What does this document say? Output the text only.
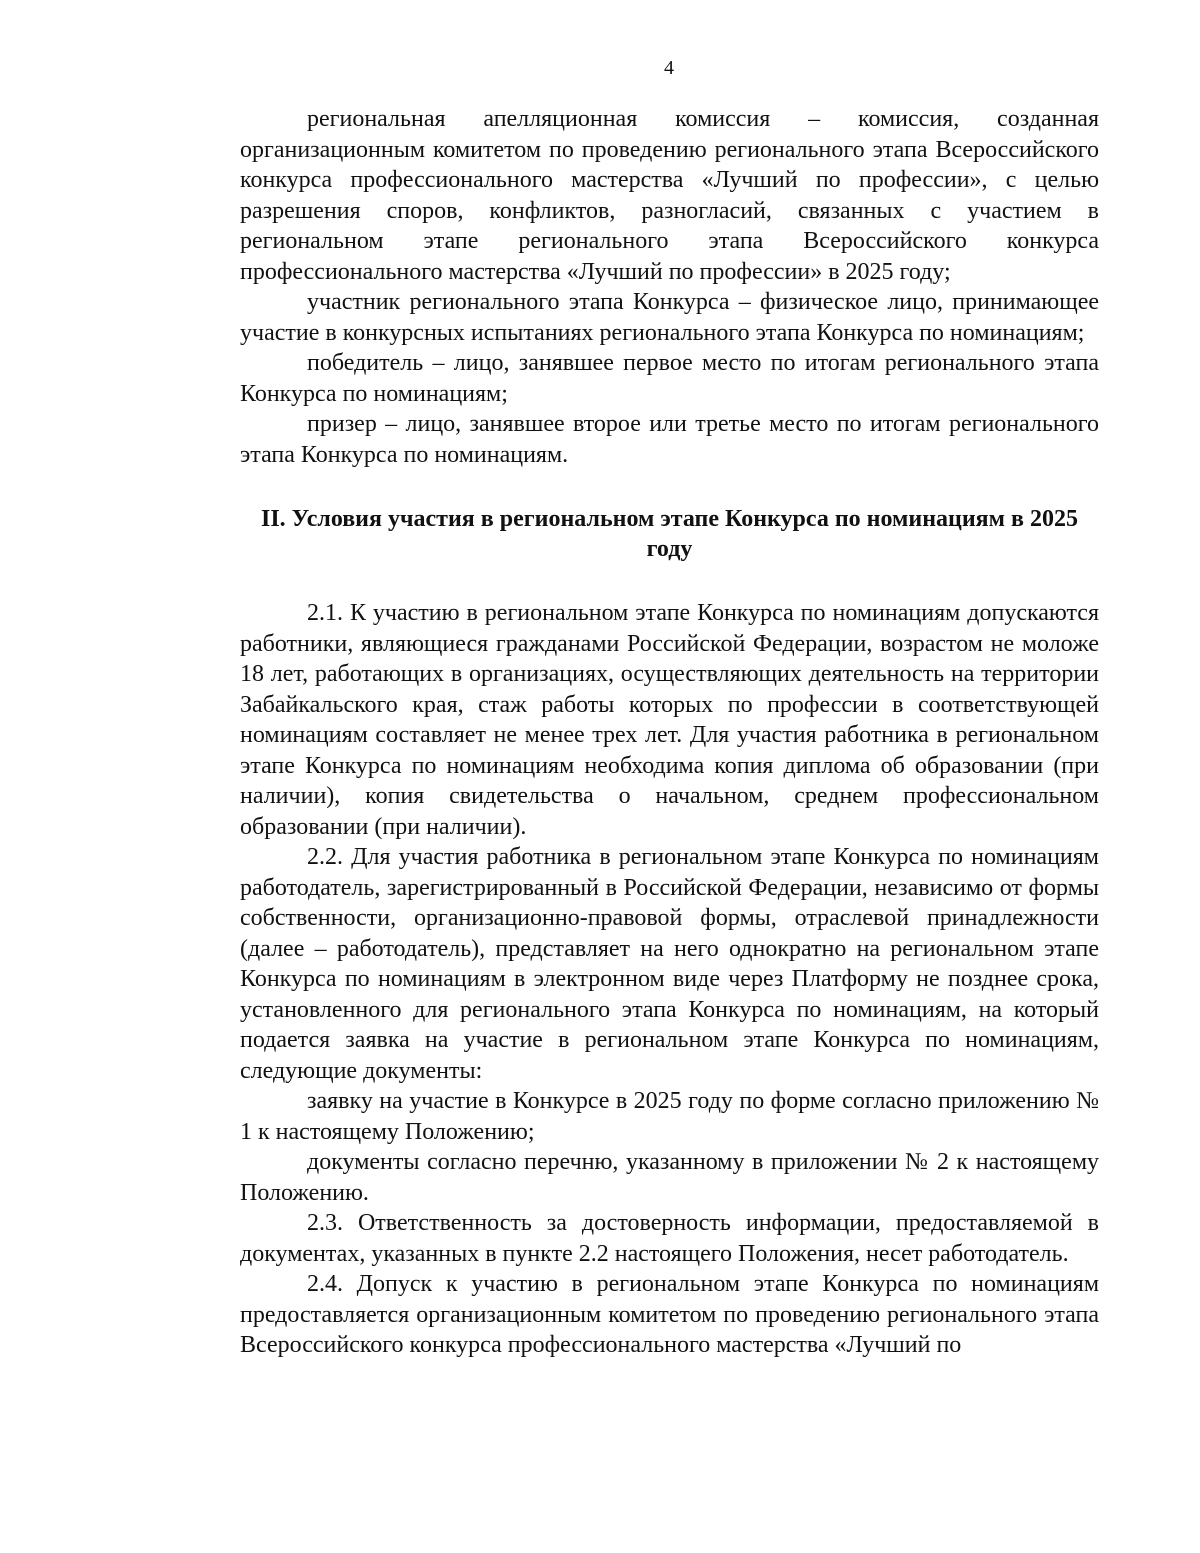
4

региональная апелляционная комиссия – комиссия, созданная организационным комитетом по проведению регионального этапа Всероссийского конкурса профессионального мастерства «Лучший по профессии», с целью разрешения споров, конфликтов, разногласий, связанных с участием в региональном этапе регионального этапа Всероссийского конкурса профессионального мастерства «Лучший по профессии» в 2025 году;

участник регионального этапа Конкурса – физическое лицо, принимающее участие в конкурсных испытаниях регионального этапа Конкурса по номинациям;

победитель – лицо, занявшее первое место по итогам регионального этапа Конкурса по номинациям;

призер – лицо, занявшее второе или третье место по итогам регионального этапа Конкурса по номинациям.

II. Условия участия в региональном этапе Конкурса по номинациям в 2025 году

2.1. К участию в региональном этапе Конкурса по номинациям допускаются работники, являющиеся гражданами Российской Федерации, возрастом не моложе 18 лет, работающих в организациях, осуществляющих деятельность на территории Забайкальского края, стаж работы которых по профессии в соответствующей номинациям составляет не менее трех лет. Для участия работника в региональном этапе Конкурса по номинациям необходима копия диплома об образовании (при наличии), копия свидетельства о начальном, среднем профессиональном образовании (при наличии).

2.2. Для участия работника в региональном этапе Конкурса по номинациям работодатель, зарегистрированный в Российской Федерации, независимо от формы собственности, организационно-правовой формы, отраслевой принадлежности (далее – работодатель), представляет на него однократно на региональном этапе Конкурса по номинациям в электронном виде через Платформу не позднее срока, установленного для регионального этапа Конкурса по номинациям, на который подается заявка на участие в региональном этапе Конкурса по номинациям, следующие документы:

заявку на участие в Конкурсе в 2025 году по форме согласно приложению № 1 к настоящему Положению;

документы согласно перечню, указанному в приложении № 2 к настоящему Положению.

2.3. Ответственность за достоверность информации, предоставляемой в документах, указанных в пункте 2.2 настоящего Положения, несет работодатель.

2.4. Допуск к участию в региональном этапе Конкурса по номинациям предоставляется организационным комитетом по проведению регионального этапа Всероссийского конкурса профессионального мастерства «Лучший по
